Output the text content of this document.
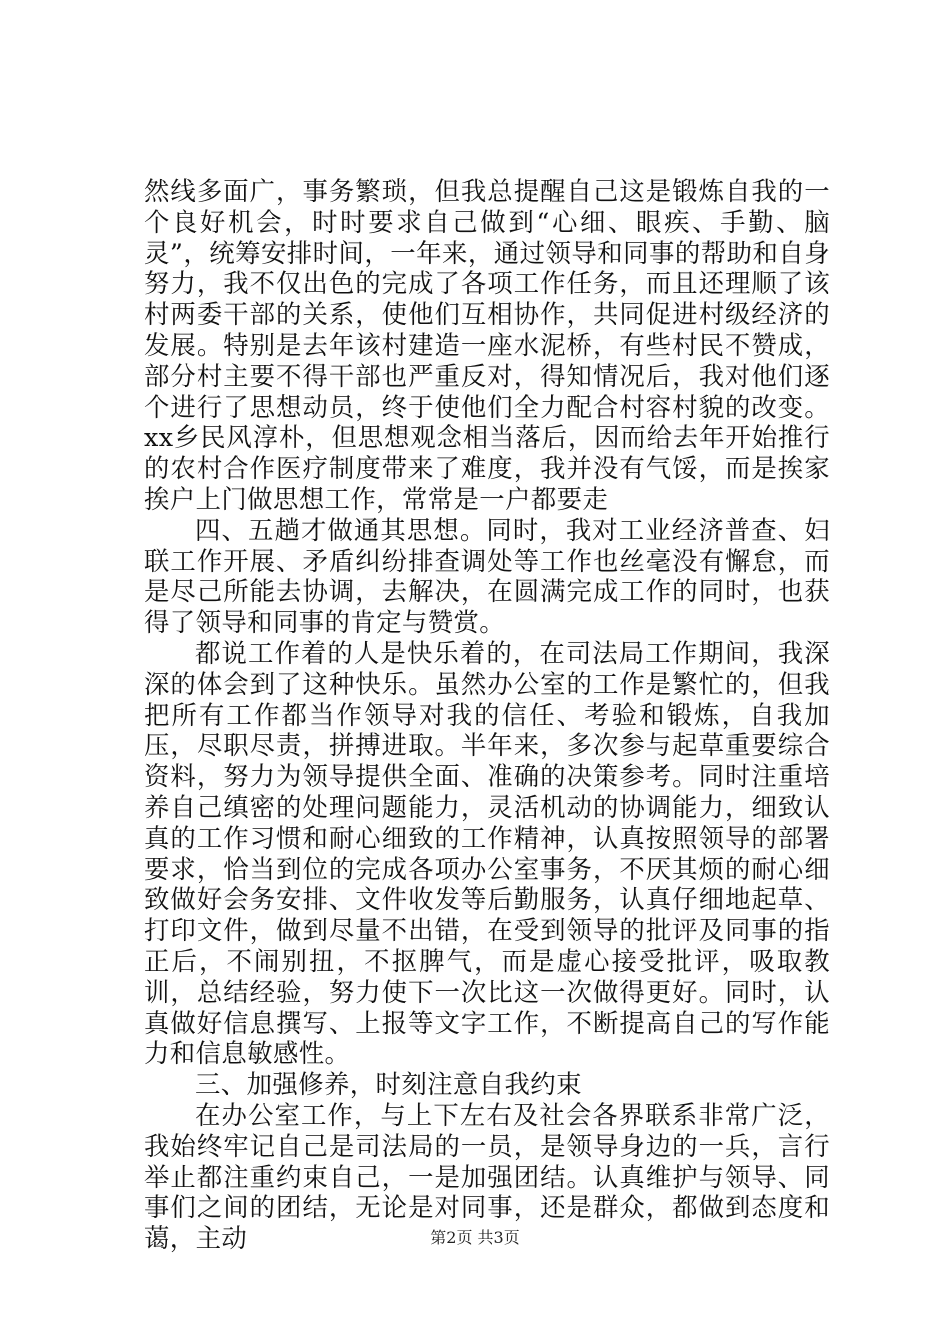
然线多面广，事务繁琐，但我总提醒自己这是锻炼自我的一个良好机会，时时要求自己做到“心细、眼疾、手勤、脑灵”，统筹安排时间，一年来，通过领导和同事的帮助和自身努力，我不仅出色的完成了各项工作任务，而且还理顺了该村两委干部的关系，使他们互相协作，共同促进村级经济的发展。特别是去年该村建造一座水泥桥，有些村民不赞成，部分村主要不得干部也严重反对，得知情况后，我对他们逐个进行了思想动员，终于使他们全力配合村容村貌的改变。xx乡民风淳朴，但思想观念相当落后，因而给去年开始推行的农村合作医疗制度带来了难度，我并没有气馁，而是挨家挨户上门做思想工作，常常是一户都要走

四、五趟才做通其思想。同时，我对工业经济普查、妇联工作开展、矛盾纠纷排查调处等工作也丝毫没有懈怠，而是尽己所能去协调，去解决，在圆满完成工作的同时，也获得了领导和同事的肯定与赞赏。

都说工作着的人是快乐着的，在司法局工作期间，我深深的体会到了这种快乐。虽然办公室的工作是繁忙的，但我把所有工作都当作领导对我的信任、考验和锻炼，自我加压，尽职尽责，拼搏进取。半年来，多次参与起草重要综合资料，努力为领导提供全面、准确的决策参考。同时注重培养自己缜密的处理问题能力，灵活机动的协调能力，细致认真的工作习惯和耐心细致的工作精神，认真按照领导的部署要求，恰当到位的完成各项办公室事务，不厌其烦的耐心细致做好会务安排、文件收发等后勤服务，认真仔细地起草、打印文件，做到尽量不出错，在受到领导的批评及同事的指正后，不闹别扭，不抠脾气，而是虚心接受批评，吸取教训，总结经验，努力使下一次比这一次做得更好。同时，认真做好信息撰写、上报等文字工作，不断提高自己的写作能力和信息敏感性。

三、加强修养，时刻注意自我约束

在办公室工作，与上下左右及社会各界联系非常广泛，我始终牢记自己是司法局的一员，是领导身边的一兵，言行举止都注重约束自己，一是加强团结。认真维护与领导、同事们之间的团结，无论是对同事，还是群众，都做到态度和蔼，主动	第2页 共3页
